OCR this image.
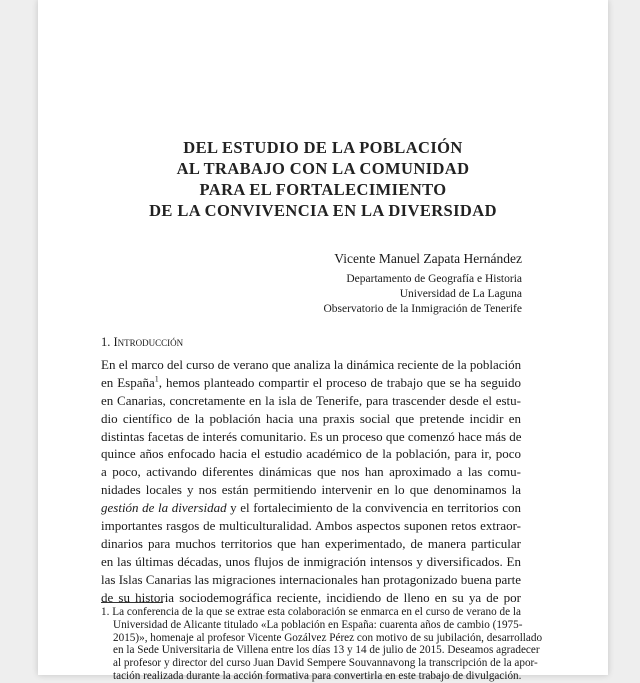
DEL ESTUDIO DE LA POBLACIÓN
AL TRABAJO CON LA COMUNIDAD
PARA EL FORTALECIMIENTO
DE LA CONVIVENCIA EN LA DIVERSIDAD
Vicente Manuel Zapata Hernández
Departamento de Geografía e Historia
Universidad de La Laguna
Observatorio de la Inmigración de Tenerife
1. Introducción
En el marco del curso de verano que analiza la dinámica reciente de la población
en España$^1$, hemos planteado compartir el proceso de trabajo que se ha seguido
en Canarias, concretamente en la isla de Tenerife, para trascender desde el estu-
dio científico de la población hacia una praxis social que pretende incidir en
distintas facetas de interés comunitario. Es un proceso que comenzó hace más de
quince años enfocado hacia el estudio académico de la población, para ir, poco
a poco, activando diferentes dinámicas que nos han aproximado a las comu-
nidades locales y nos están permitiendo intervenir en lo que denominamos la
gestión de la diversidad y el fortalecimiento de la convivencia en territorios con
importantes rasgos de multiculturalidad. Ambos aspectos suponen retos extraor-
dinarios para muchos territorios que han experimentado, de manera particular
en las últimas décadas, unos flujos de inmigración intensos y diversificados. En
las Islas Canarias las migraciones internacionales han protagonizado buena parte
de su historia sociodemográfica reciente, incidiendo de lleno en su ya de por
1. La conferencia de la que se extrae esta colaboración se enmarca en el curso de verano de la
Universidad de Alicante titulado «La población en España: cuarenta años de cambio (1975-
2015)», homenaje al profesor Vicente Gozálvez Pérez con motivo de su jubilación, desarrollado
en la Sede Universitaria de Villena entre los días 13 y 14 de julio de 2015. Deseamos agradecer
al profesor y director del curso Juan David Sempere Souvannavong la transcripción de la apor-
tación realizada durante la acción formativa para convertirla en este trabajo de divulgación.
